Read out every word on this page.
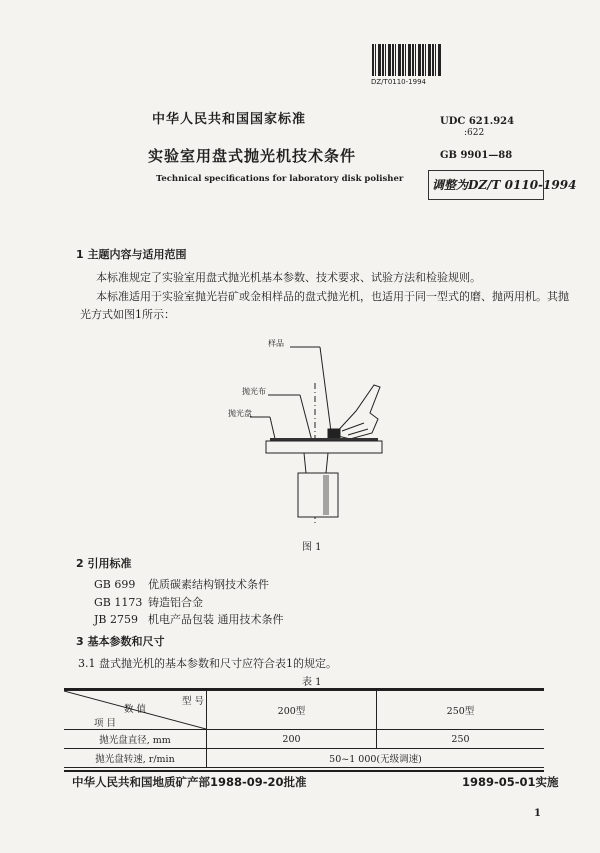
DZ/T0110-1994
中华人民共和国国家标准	UDC 621.924
:622
GB 9901—88
实验室用盘式抛光机技术条件
Technical specifications for laboratory disk polisher 调整为DZ/T 0110-1994
1 主题内容与适用范围
本标准规定了实验室用盘式抛光机基本参数、技术要求、试验方法和检验规则。
本标准适用于实验室抛光岩矿或金相样品的盘式抛光机，也适用于同一型式的磨、抛两用机。其抛
光方式如图1所示：
样品
抛光布
抛光盘
图 1
2 引用标准
GB 699 优质碳素结构钢技术条件
GB 1173 铸造铝合金
JB 2759 机电产品包装 通用技术条件
3 基本参数和尺寸
3.1 盘式抛光机的基本参数和尺寸应符合表1的规定。
表 1
型 号
数 值
项 目	200型	250型
抛光盘直径, mm	200	250
抛光盘转速, r/min	50~1 000(无级调速)	
中华人民共和国地质矿产部1988-09-20批准	1989-05-01实施
1
